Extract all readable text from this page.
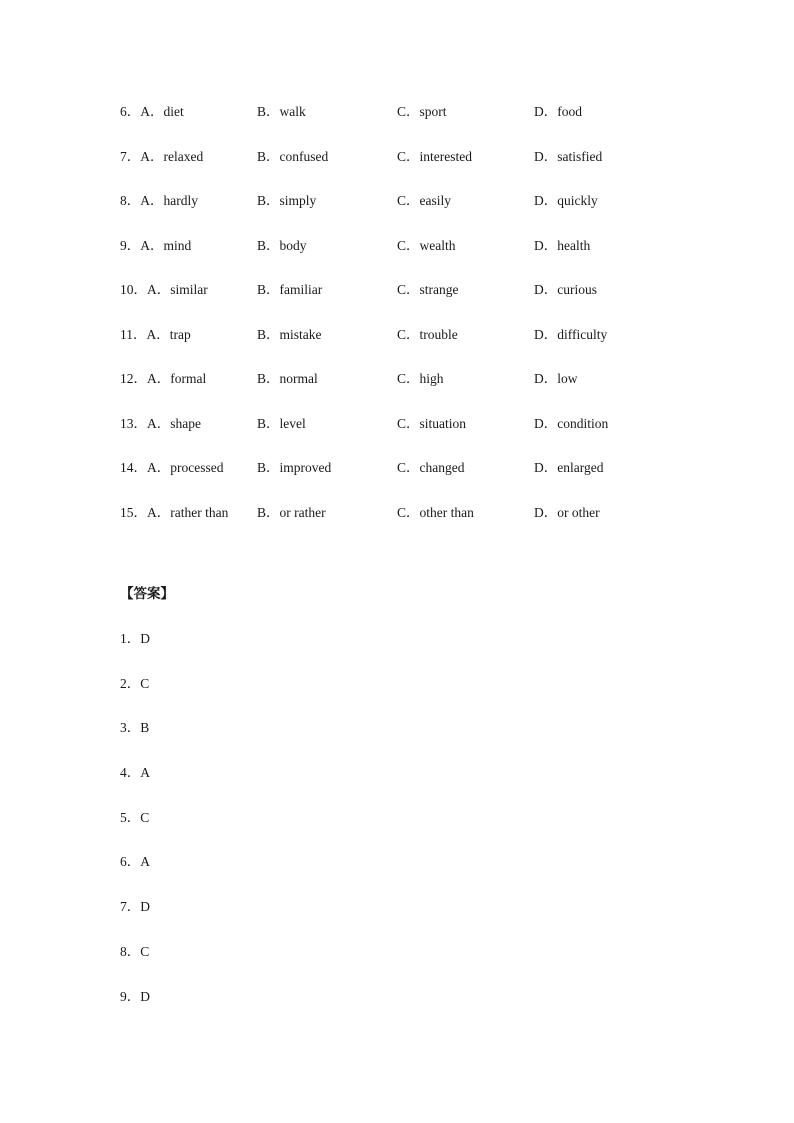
6．A．diet	B．walk	C．sport	D．food
7．A．relaxed	B．confused	C．interested	D．satisfied
8．A．hardly	B．simply	C．easily	D．quickly
9．A．mind	B．body	C．wealth	D．health
10．A．similar	B．familiar	C．strange	D．curious
11．A．trap	B．mistake	C．trouble	D．difficulty
12．A．formal	B．normal	C．high	D．low
13．A．shape	B．level	C．situation	D．condition
14．A．processed B．improved	C．changed	D．enlarged
15．A．rather than B．or rather	C．other than	D．or other
【答案】
1．D
2．C
3．B
4．A
5．C
6．A
7．D
8．C
9．D
